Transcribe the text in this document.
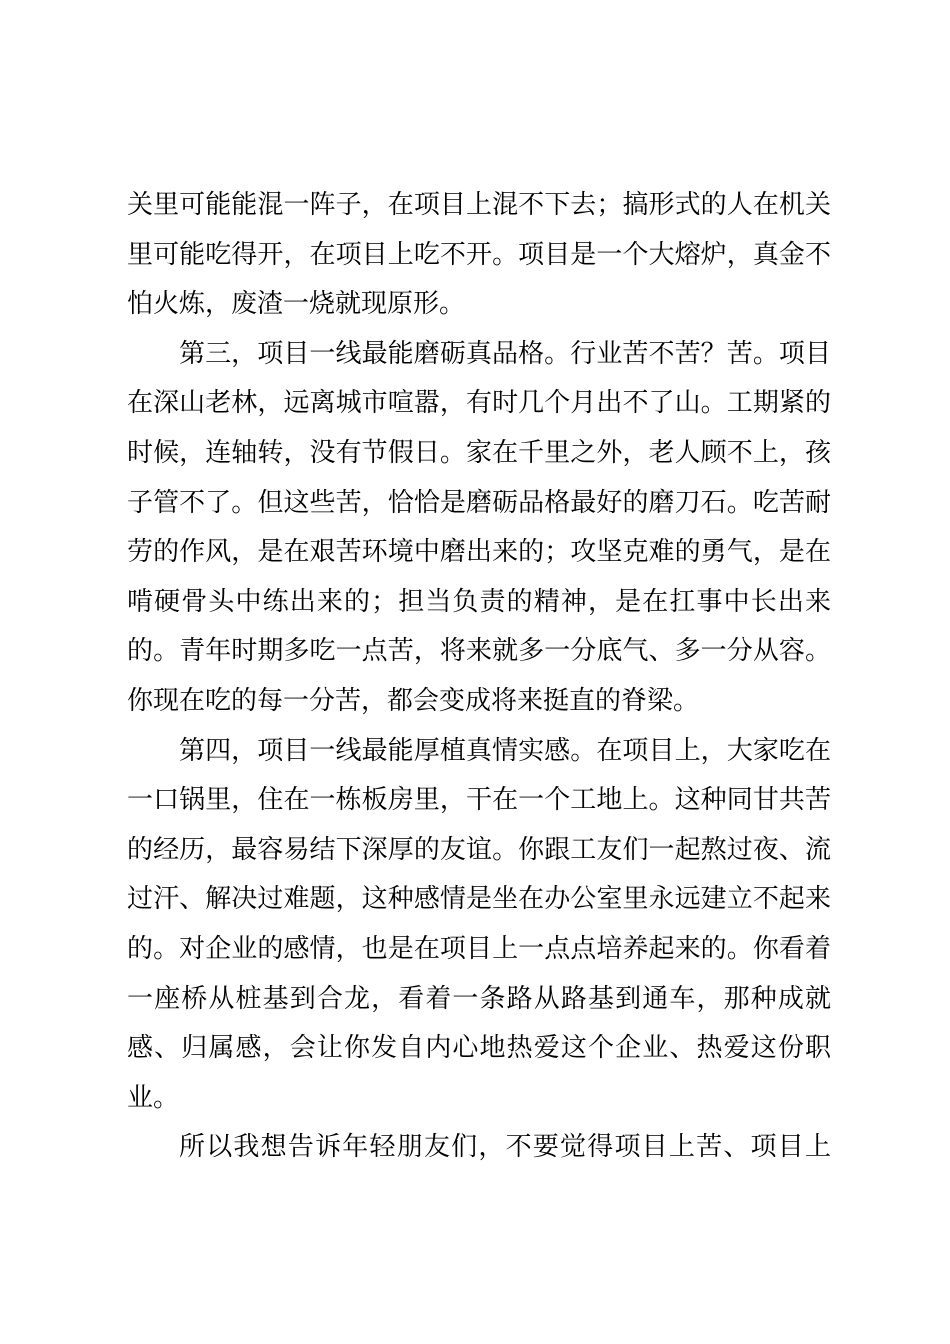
关里可能能混一阵子，在项目上混不下去；搞形式的人在机关
里可能吃得开，在项目上吃不开。项目是一个大熔炉，真金不
怕火炼，废渣一烧就现原形。
第三，项目一线最能磨砺真品格。行业苦不苦？苦。项目
在深山老林，远离城市喧嚣，有时几个月出不了山。工期紧的
时候，连轴转，没有节假日。家在千里之外，老人顾不上，孩
子管不了。但这些苦，恰恰是磨砺品格最好的磨刀石。吃苦耐
劳的作风，是在艰苦环境中磨出来的；攻坚克难的勇气，是在
啃硬骨头中练出来的；担当负责的精神，是在扛事中长出来
的。青年时期多吃一点苦，将来就多一分底气、多一分从容。
你现在吃的每一分苦，都会变成将来挺直的脊梁。
第四，项目一线最能厚植真情实感。在项目上，大家吃在
一口锅里，住在一栋板房里，干在一个工地上。这种同甘共苦
的经历，最容易结下深厚的友谊。你跟工友们一起熬过夜、流
过汗、解决过难题，这种感情是坐在办公室里永远建立不起来
的。对企业的感情，也是在项目上一点点培养起来的。你看着
一座桥从桩基到合龙，看着一条路从路基到通车，那种成就
感、归属感，会让你发自内心地热爱这个企业、热爱这份职
业。
所以我想告诉年轻朋友们，不要觉得项目上苦、项目上
